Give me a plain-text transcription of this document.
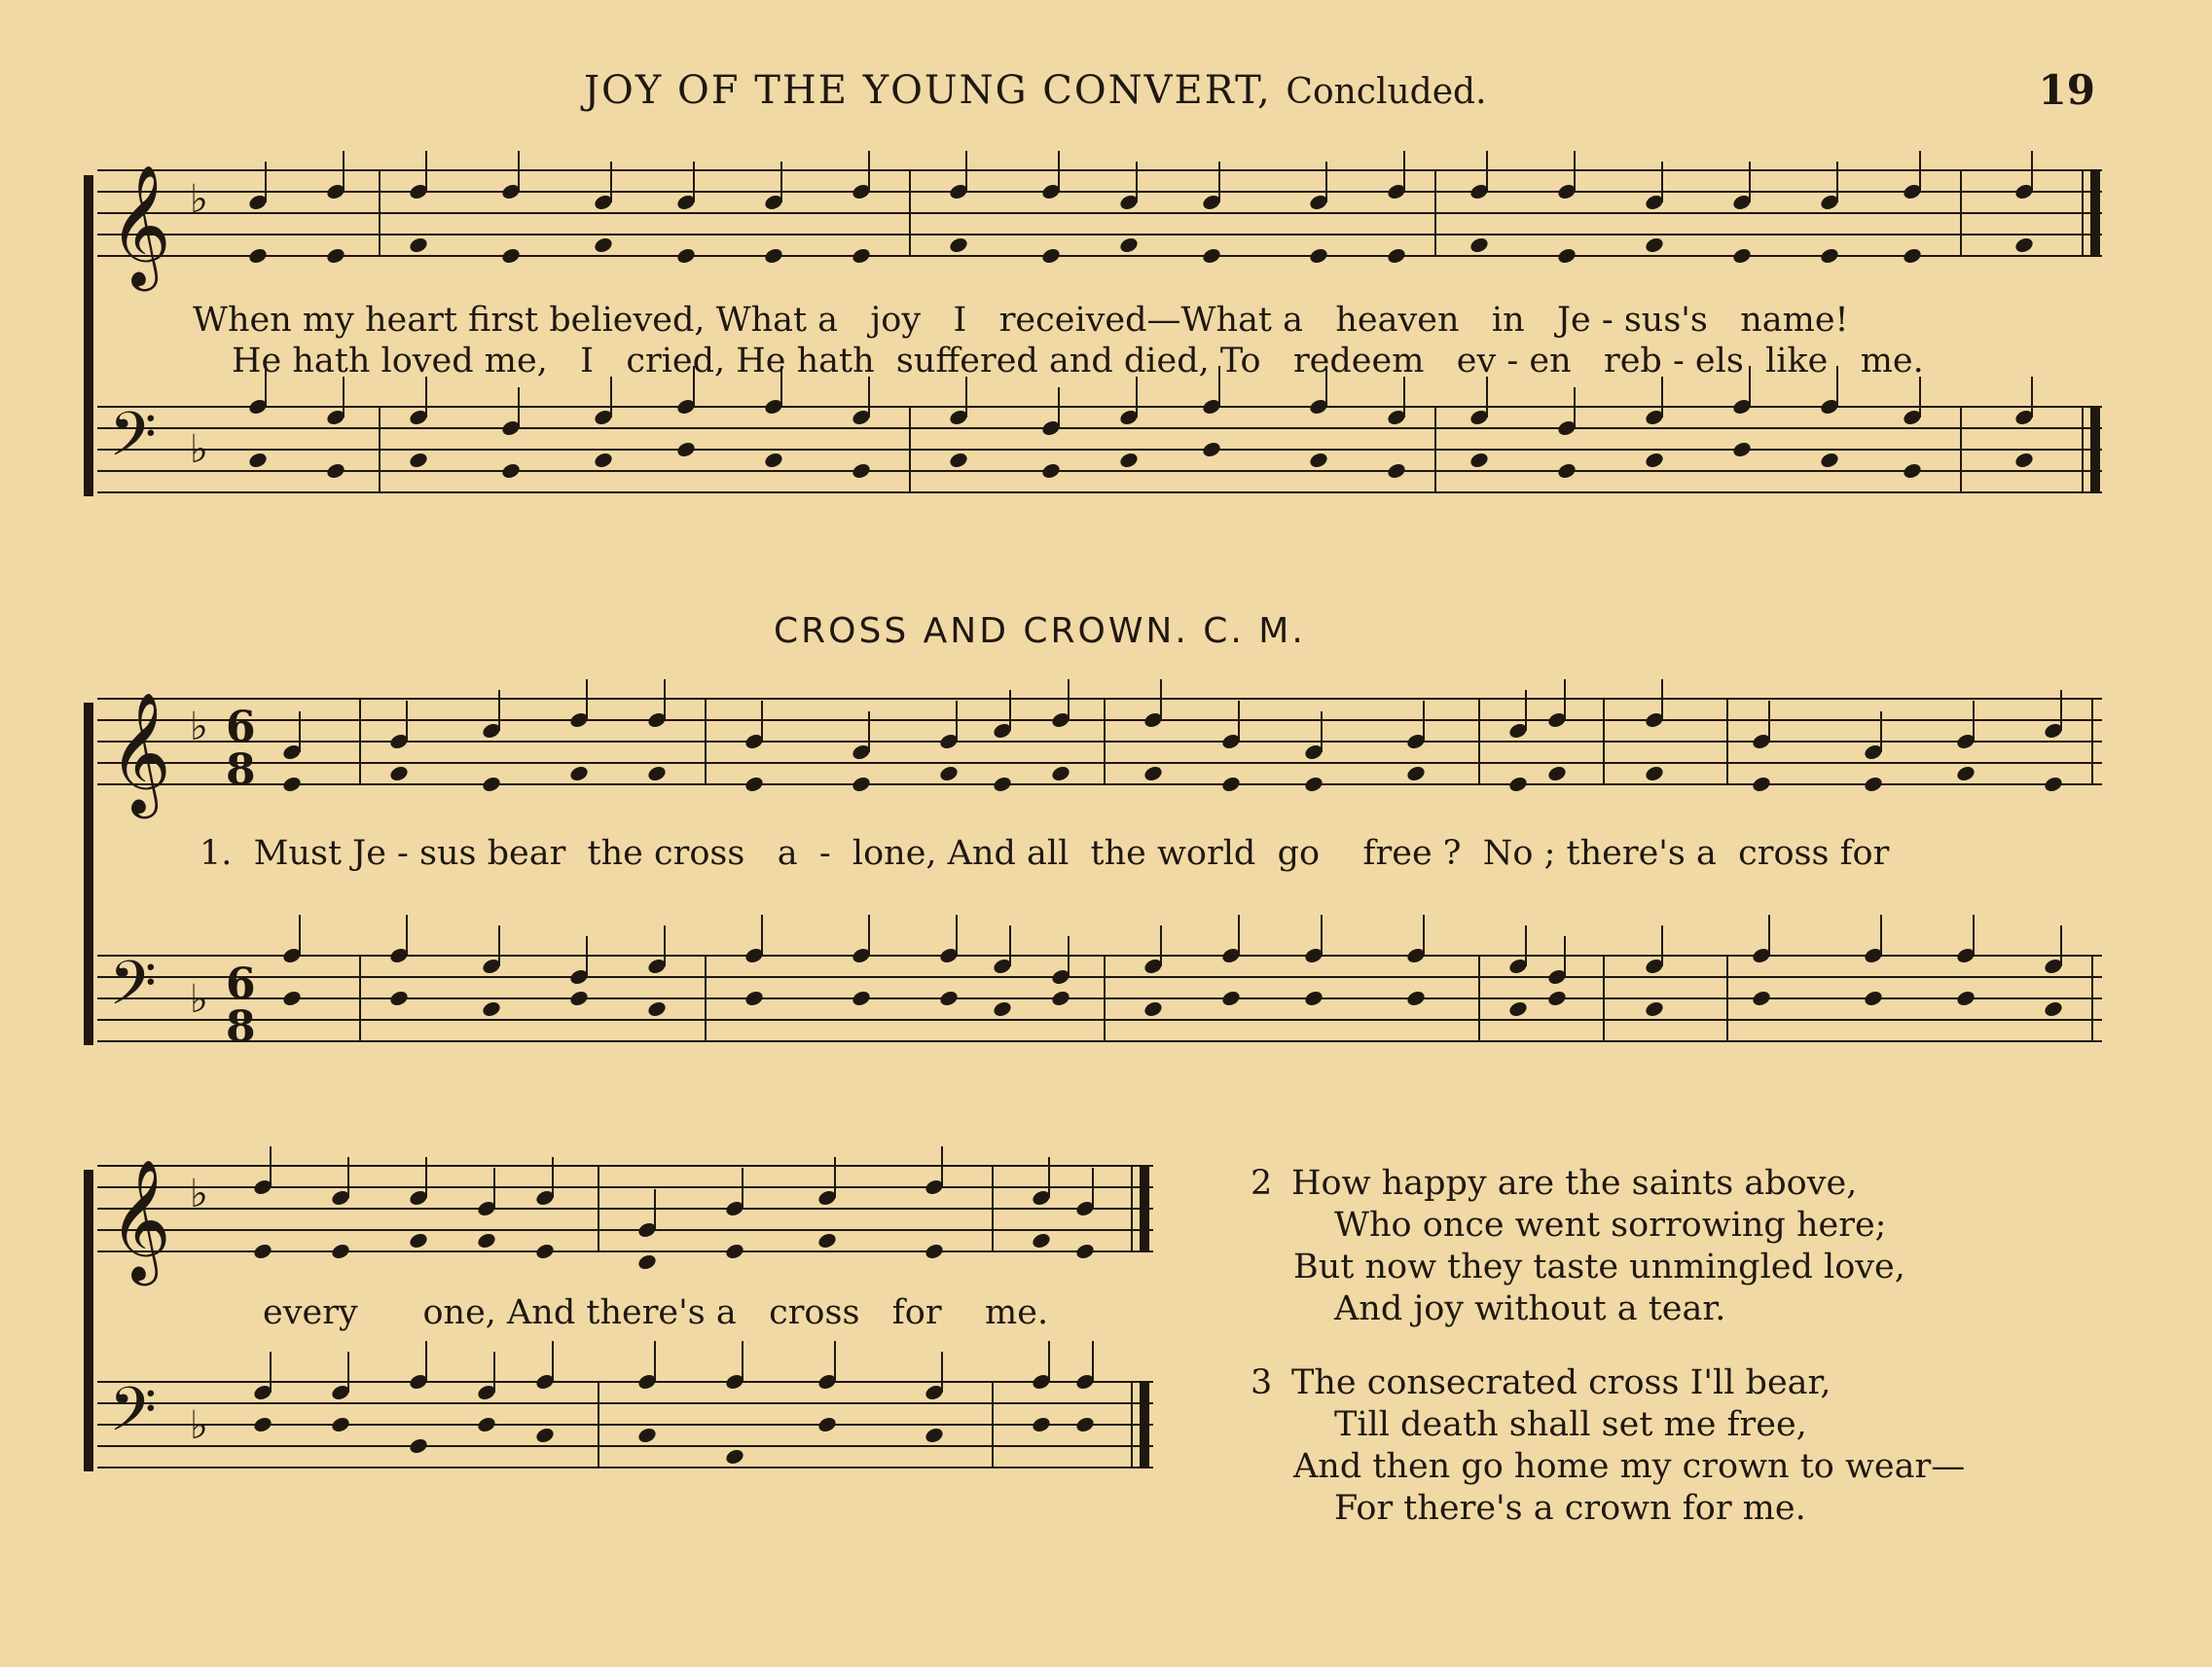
JOY OF THE YOUNG CONVERT, Concluded.	19
𝄞
𝄢
♭
♭
When my heart first believed, What a   joy   I   received—What a   heaven   in   Je - sus's   name!
He hath loved me,   I   cried, He hath  suffered and died, To   redeem   ev - en   reb - els  like   me.
CROSS AND CROWN. C. M.
𝄞
𝄢
♭
♭
6
8
6
8
1.  Must Je - sus bear  the cross   a  -  lone, And all  the world  go    free ?  No ; there's a  cross for
𝄞
𝄢
♭
♭
every      one, And there's a   cross   for    me.
2 How happy are the saints above,
Who once went sorrowing here;
But now they taste unmingled love,
And joy without a tear.
3 The consecrated cross I'll bear,
Till death shall set me free,
And then go home my crown to wear—
For there's a crown for me.
